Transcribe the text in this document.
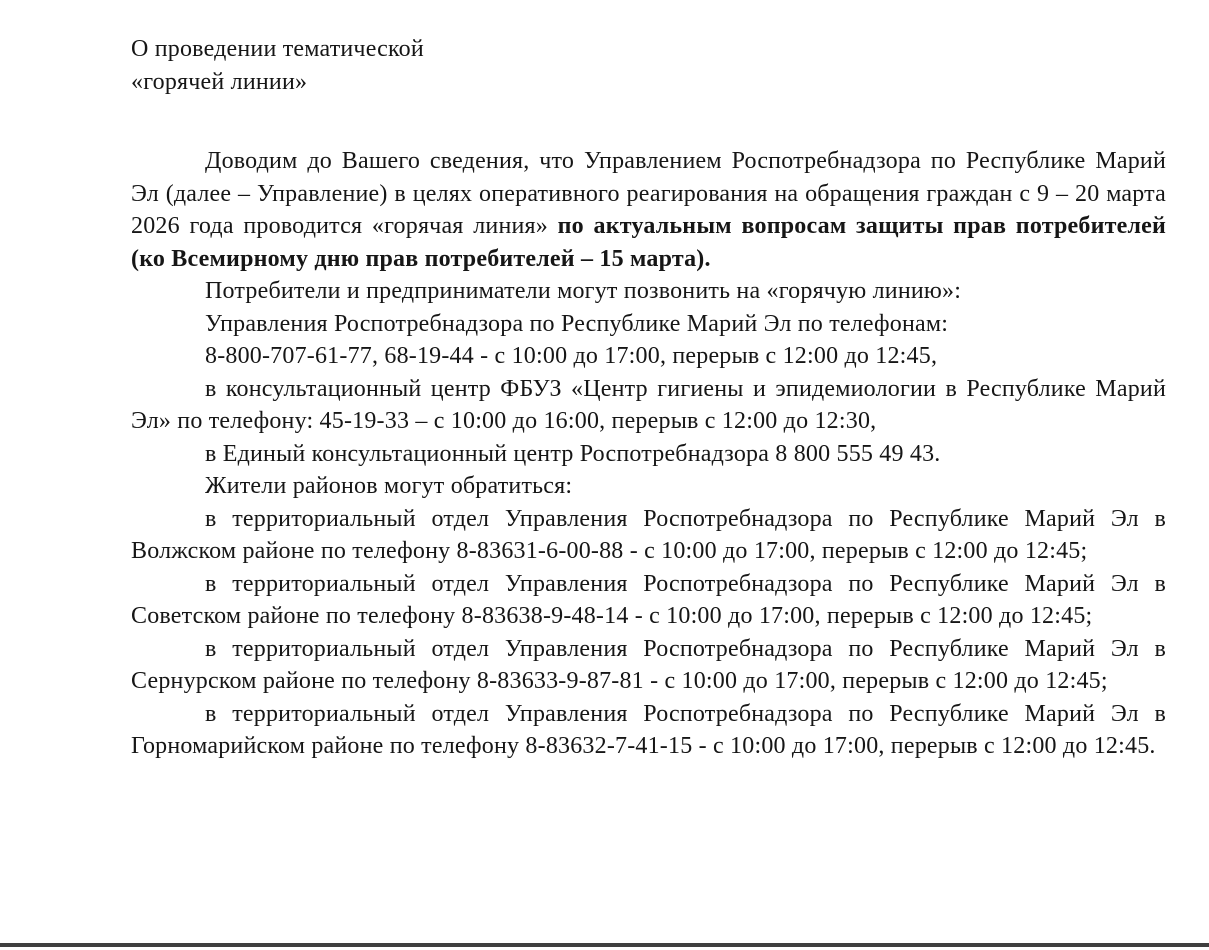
О проведении тематической
«горячей линии»

Доводим до Вашего сведения, что Управлением Роспотребнадзора по Республике Марий Эл (далее – Управление) в целях оперативного реагирования на обращения граждан с 9 – 20 марта 2026 года проводится «горячая линия» по актуальным вопросам защиты прав потребителей (ко Всемирному дню прав потребителей – 15 марта).

Потребители и предприниматели могут позвонить на «горячую линию»:

Управления Роспотребнадзора по Республике Марий Эл по телефонам:

8-800-707-61-77, 68-19-44 - с 10:00 до 17:00, перерыв с 12:00 до 12:45,

в консультационный центр ФБУЗ «Центр гигиены и эпидемиологии в Республике Марий Эл» по телефону: 45-19-33 – с 10:00 до 16:00, перерыв с 12:00 до 12:30,

в Единый консультационный центр Роспотребнадзора 8 800 555 49 43.

Жители районов могут обратиться:

в территориальный отдел Управления Роспотребнадзора по Республике Марий Эл в Волжском районе по телефону 8-83631-6-00-88 - с 10:00 до 17:00, перерыв с 12:00 до 12:45;

в территориальный отдел Управления Роспотребнадзора по Республике Марий Эл в Советском районе по телефону 8-83638-9-48-14 - с 10:00 до 17:00, перерыв с 12:00 до 12:45;

в территориальный отдел Управления Роспотребнадзора по Республике Марий Эл в Сернурском районе по телефону 8-83633-9-87-81 - с 10:00 до 17:00, перерыв с 12:00 до 12:45;

в территориальный отдел Управления Роспотребнадзора по Республике Марий Эл в Горномарийском районе по телефону 8-83632-7-41-15 - с 10:00 до 17:00, перерыв с 12:00 до 12:45.
